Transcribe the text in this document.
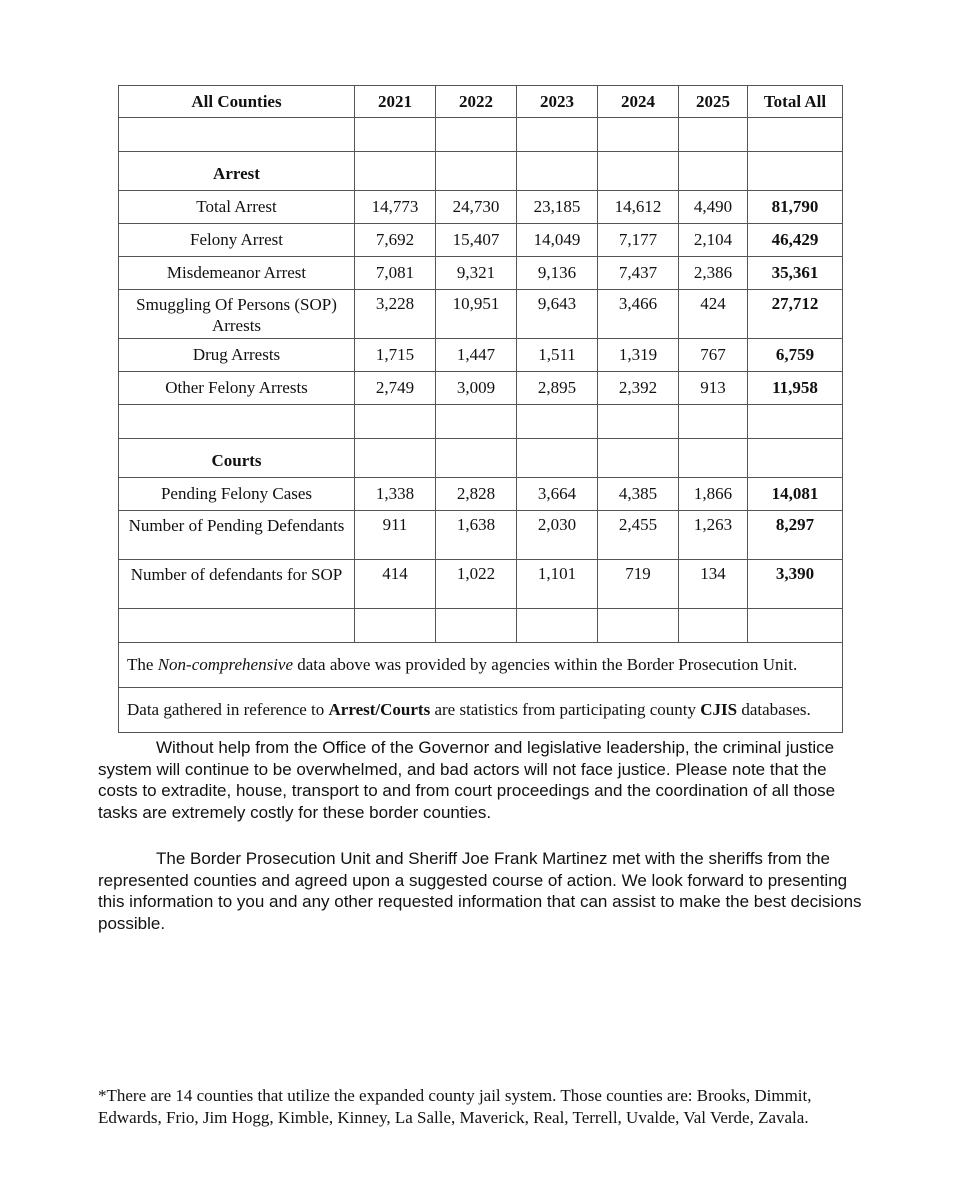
All Counties	2021	2022	2023	2024	2025	Total All

Arrest						
Total Arrest	14,773	24,730	23,185	14,612	4,490	81,790
Felony Arrest	7,692	15,407	14,049	7,177	2,104	46,429
Misdemeanor Arrest	7,081	9,321	9,136	7,437	2,386	35,361
Smuggling Of Persons (SOP) Arrests	3,228	10,951	9,643	3,466	424	27,712
Drug Arrests	1,715	1,447	1,511	1,319	767	6,759
Other Felony Arrests	2,749	3,009	2,895	2,392	913	11,958

Courts						
Pending Felony Cases	1,338	2,828	3,664	4,385	1,866	14,081
Number of Pending Defendants	911	1,638	2,030	2,455	1,263	8,297
Number of defendants for SOP	414	1,022	1,101	719	134	3,390

The Non-comprehensive data above was provided by agencies within the Border Prosecution Unit.						
Data gathered in reference to Arrest/Courts are statistics from participating county CJIS databases.						

Without help from the Office of the Governor and legislative leadership, the criminal justice system will continue to be overwhelmed, and bad actors will not face justice. Please note that the costs to extradite, house, transport to and from court proceedings and the coordination of all those tasks are extremely costly for these border counties.

The Border Prosecution Unit and Sheriff Joe Frank Martinez met with the sheriffs from the represented counties and agreed upon a suggested course of action. We look forward to presenting this information to you and any other requested information that can assist to make the best decisions possible.

*There are 14 counties that utilize the expanded county jail system. Those counties are: Brooks, Dimmit, Edwards, Frio, Jim Hogg, Kimble, Kinney, La Salle, Maverick, Real, Terrell, Uvalde, Val Verde, Zavala.
